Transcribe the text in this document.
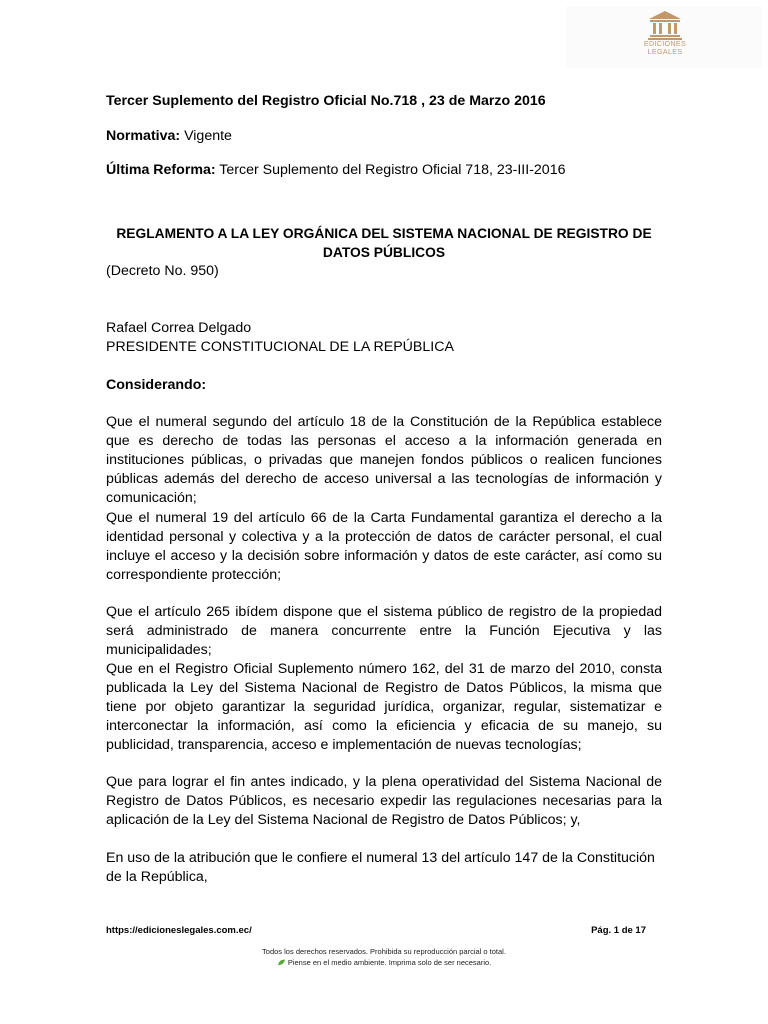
EDICIONES
LEGALES
Tercer Suplemento del Registro Oficial No.718 , 23 de Marzo 2016
Normativa: Vigente
Última Reforma: Tercer Suplemento del Registro Oficial 718, 23-III-2016
REGLAMENTO A LA LEY ORGÁNICA DEL SISTEMA NACIONAL DE REGISTRO DE DATOS PÚBLICOS
(Decreto No. 950)
Rafael Correa Delgado
PRESIDENTE CONSTITUCIONAL DE LA REPÚBLICA
Considerando:
Que el numeral segundo del artículo 18 de la Constitución de la República establece que es derecho de todas las personas el acceso a la información generada en instituciones públicas, o privadas que manejen fondos públicos o realicen funciones públicas además del derecho de acceso universal a las tecnologías de información y comunicación;
Que el numeral 19 del artículo 66 de la Carta Fundamental garantiza el derecho a la identidad personal y colectiva y a la protección de datos de carácter personal, el cual incluye el acceso y la decisión sobre información y datos de este carácter, así como su correspondiente protección;
Que el artículo 265 ibídem dispone que el sistema público de registro de la propiedad será administrado de manera concurrente entre la Función Ejecutiva y las municipalidades;
Que en el Registro Oficial Suplemento número 162, del 31 de marzo del 2010, consta publicada la Ley del Sistema Nacional de Registro de Datos Públicos, la misma que tiene por objeto garantizar la seguridad jurídica, organizar, regular, sistematizar e interconectar la información, así como la eficiencia y eficacia de su manejo, su publicidad, transparencia, acceso e implementación de nuevas tecnologías;
Que para lograr el fin antes indicado, y la plena operatividad del Sistema Nacional de Registro de Datos Públicos, es necesario expedir las regulaciones necesarias para la aplicación de la Ley del Sistema Nacional de Registro de Datos Públicos; y,
En uso de la atribución que le confiere el numeral 13 del artículo 147 de la Constitución de la República,
https://edicioneslegales.com.ec/	Pág. 1 de 17
Todos los derechos reservados. Prohibida su reproducción parcial o total.
Piense en el medio ambiente. Imprima solo de ser necesario.
